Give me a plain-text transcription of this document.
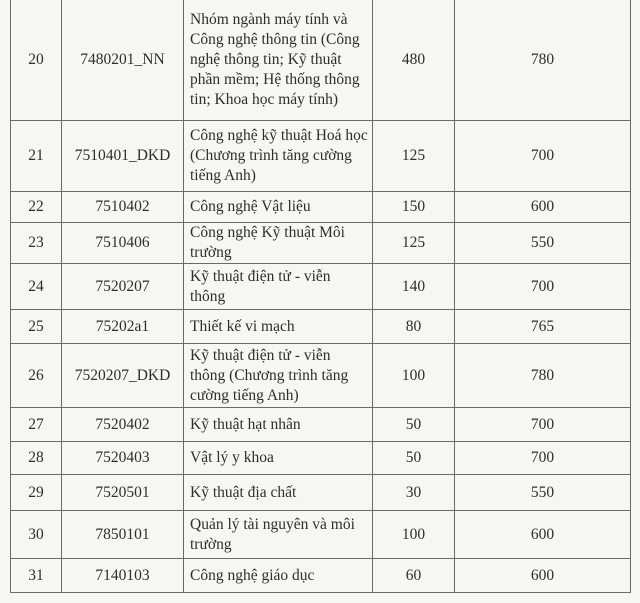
20	7480201_NN	Nhóm ngành máy tính và Công nghệ thông tin (Công nghệ thông tin; Kỹ thuật phần mềm; Hệ thống thông tin; Khoa học máy tính)	480	780
21	7510401_DKD	Công nghệ kỹ thuật Hoá học (Chương trình tăng cường tiếng Anh)	125	700
22	7510402	Công nghệ Vật liệu	150	600
23	7510406	Công nghệ Kỹ thuật Môi trường	125	550
24	7520207	Kỹ thuật điện tử - viễn thông	140	700
25	75202a1	Thiết kế vi mạch	80	765
26	7520207_DKD	Kỹ thuật điện tử - viễn thông (Chương trình tăng cường tiếng Anh)	100	780
27	7520402	Kỹ thuật hạt nhân	50	700
28	7520403	Vật lý y khoa	50	700
29	7520501	Kỹ thuật địa chất	30	550
30	7850101	Quản lý tài nguyên và môi trường	100	600
31	7140103	Công nghệ giáo dục	60	600
